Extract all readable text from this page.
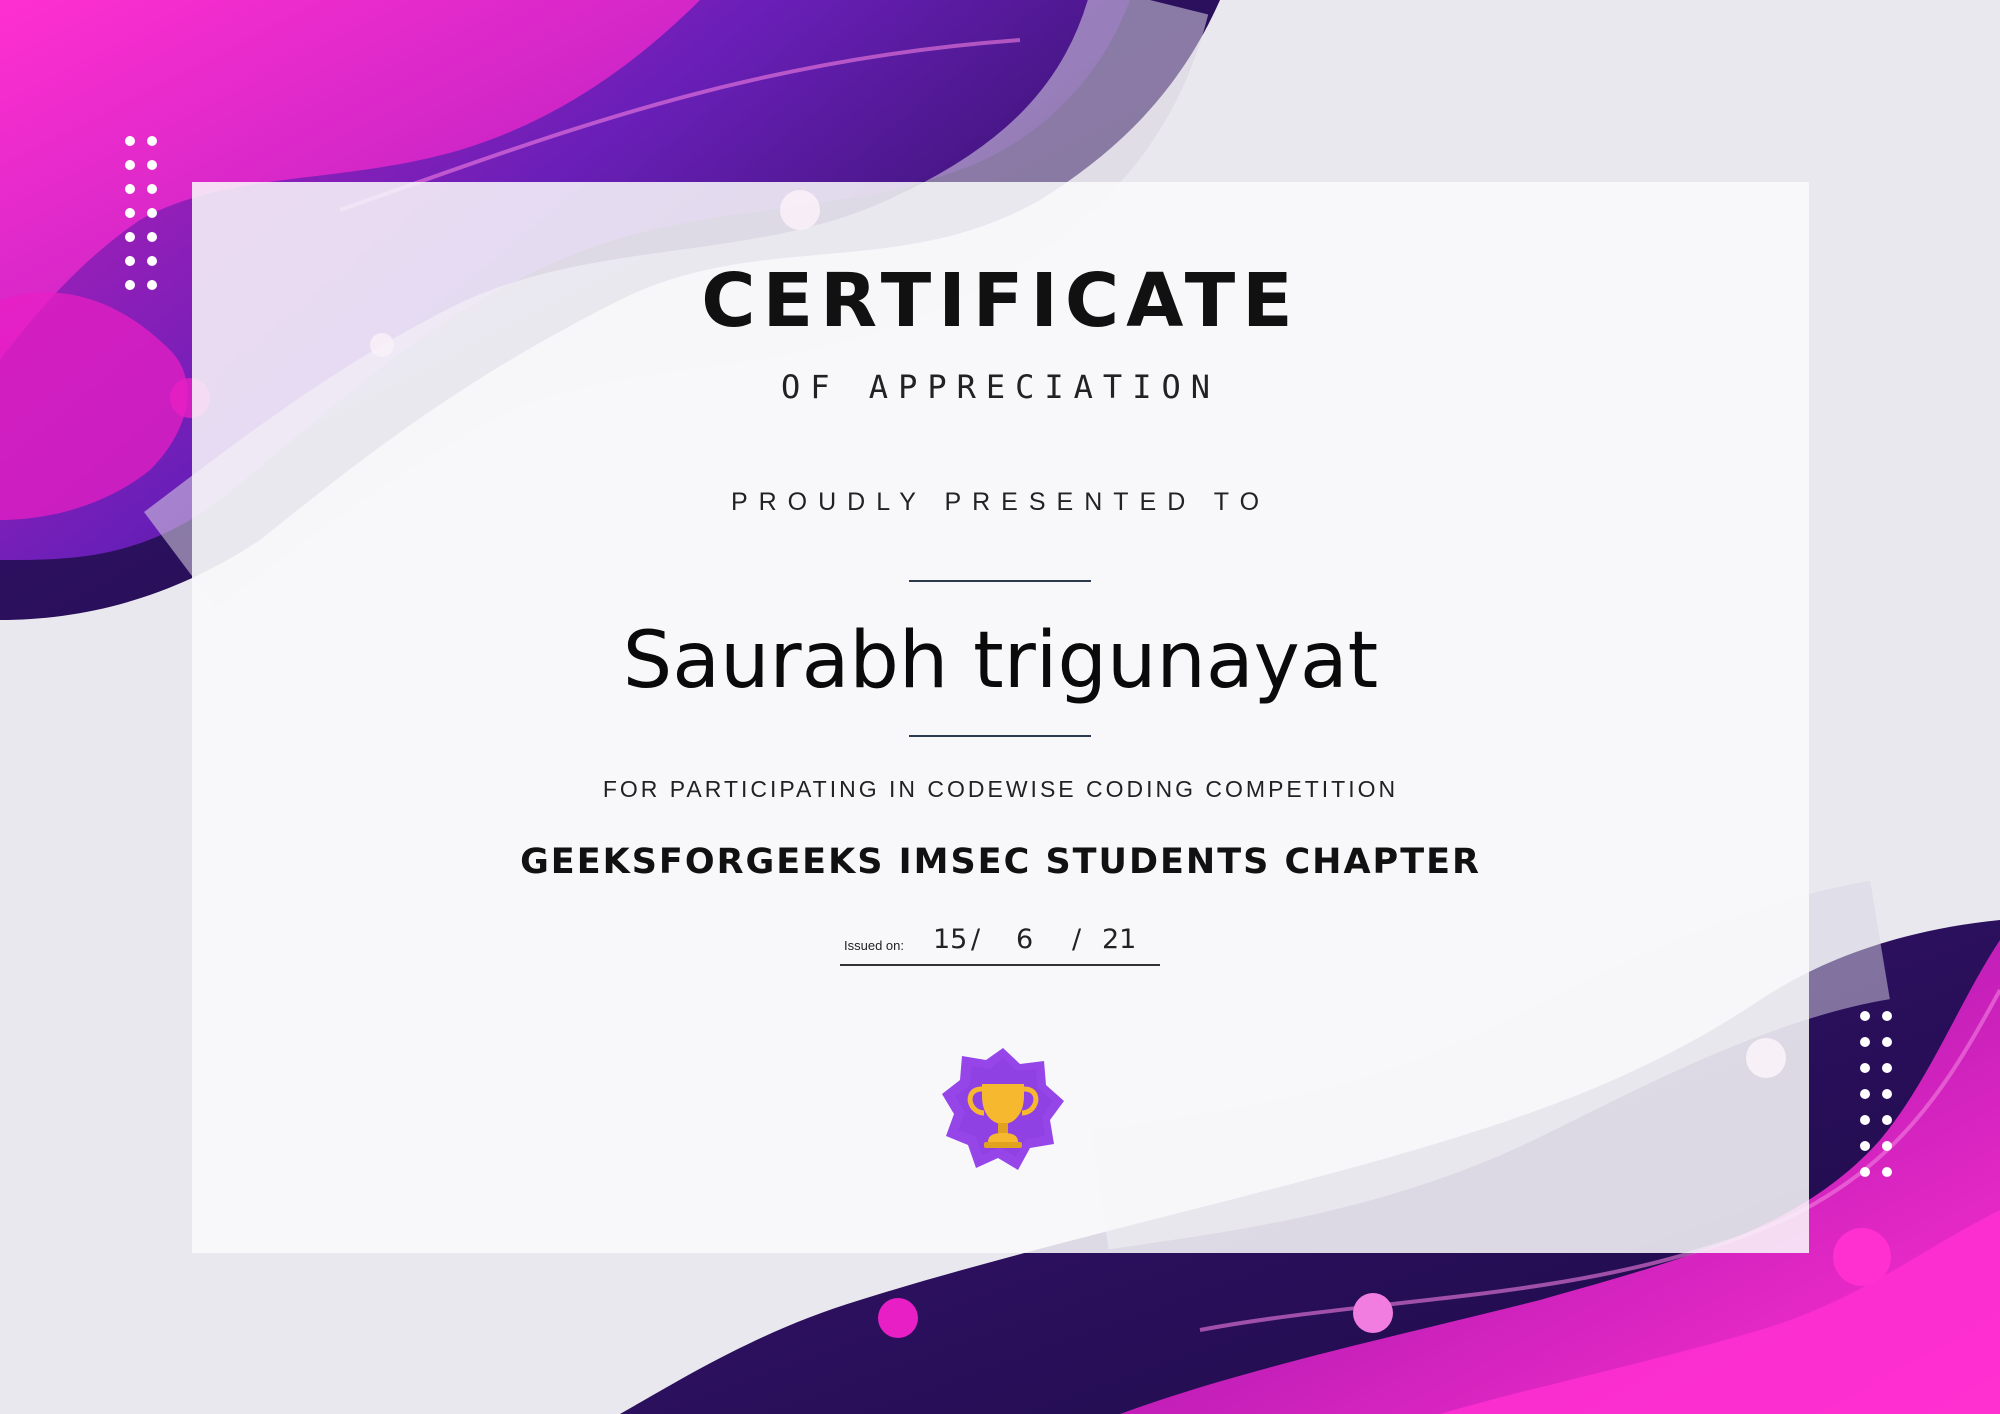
CERTIFICATE
OF APPRECIATION
PROUDLY PRESENTED TO
Saurabh trigunayat
FOR PARTICIPATING IN CODEWISE CODING COMPETITION
GEEKSFORGEEKS IMSEC STUDENTS CHAPTER
Issued on: 15 / 6 / 21
